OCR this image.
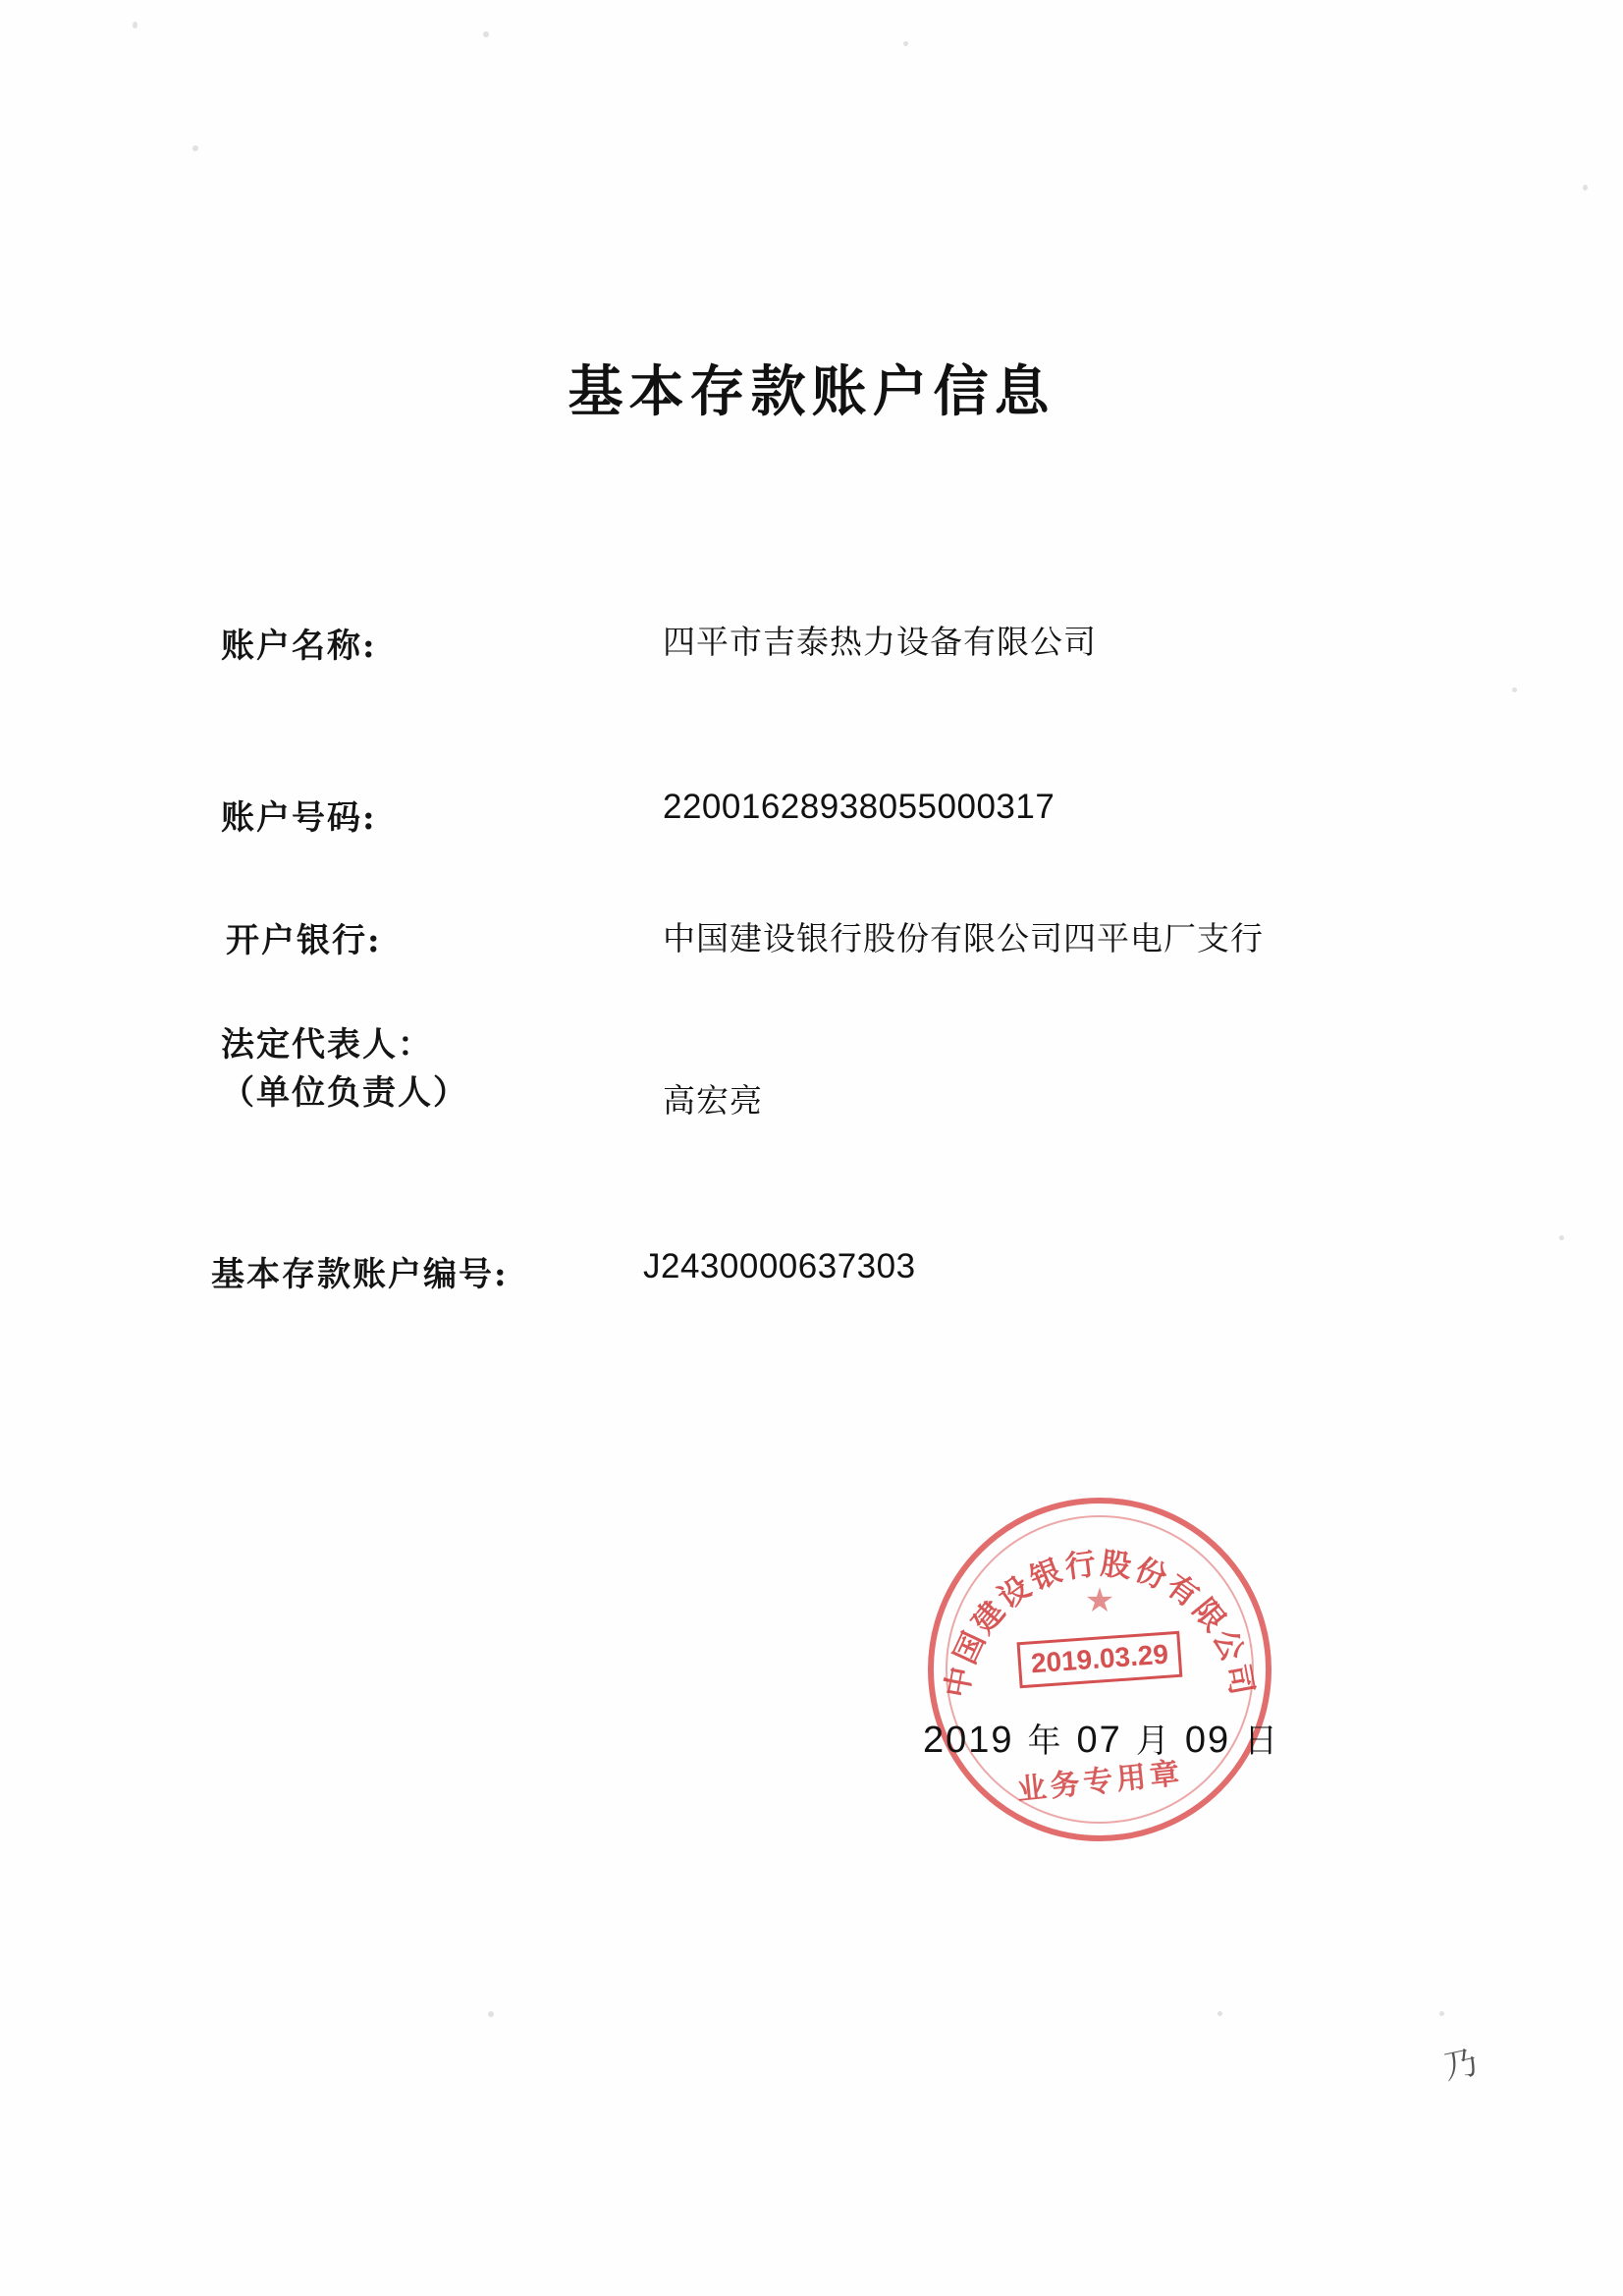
基本存款账户信息
账户名称:	四平市吉泰热力设备有限公司
账户号码:	22001628938055000317
开户银行:	中国建设银行股份有限公司四平电厂支行
法定代表人：
（单位负责人）	高宏亮
基本存款账户编号:	J2430000637303
中国建设银行股份有限公司
★
2019.03.29
业务专用章
2019 年 07 月 09 日
乃
